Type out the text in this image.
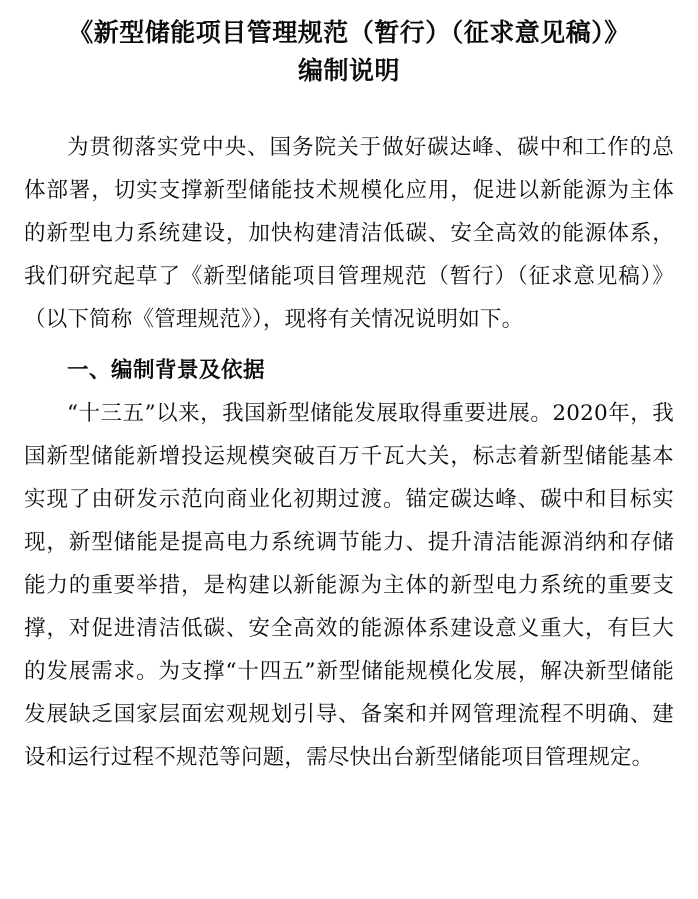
《新型储能项目管理规范（暂行）（征求意见稿）》
编制说明

为贯彻落实党中央、国务院关于做好碳达峰、碳中和工作的总体部署，切实支撑新型储能技术规模化应用，促进以新能源为主体的新型电力系统建设，加快构建清洁低碳、安全高效的能源体系，我们研究起草了《新型储能项目管理规范（暂行）（征求意见稿）》（以下简称《管理规范》），现将有关情况说明如下。

一、编制背景及依据

“十三五”以来，我国新型储能发展取得重要进展。2020年，我国新型储能新增投运规模突破百万千瓦大关，标志着新型储能基本实现了由研发示范向商业化初期过渡。锚定碳达峰、碳中和目标实现，新型储能是提高电力系统调节能力、提升清洁能源消纳和存储能力的重要举措，是构建以新能源为主体的新型电力系统的重要支撑，对促进清洁低碳、安全高效的能源体系建设意义重大，有巨大的发展需求。为支撑“十四五”新型储能规模化发展，解决新型储能发展缺乏国家层面宏观规划引导、备案和并网管理流程不明确、建设和运行过程不规范等问题，需尽快出台新型储能项目管理规定。
